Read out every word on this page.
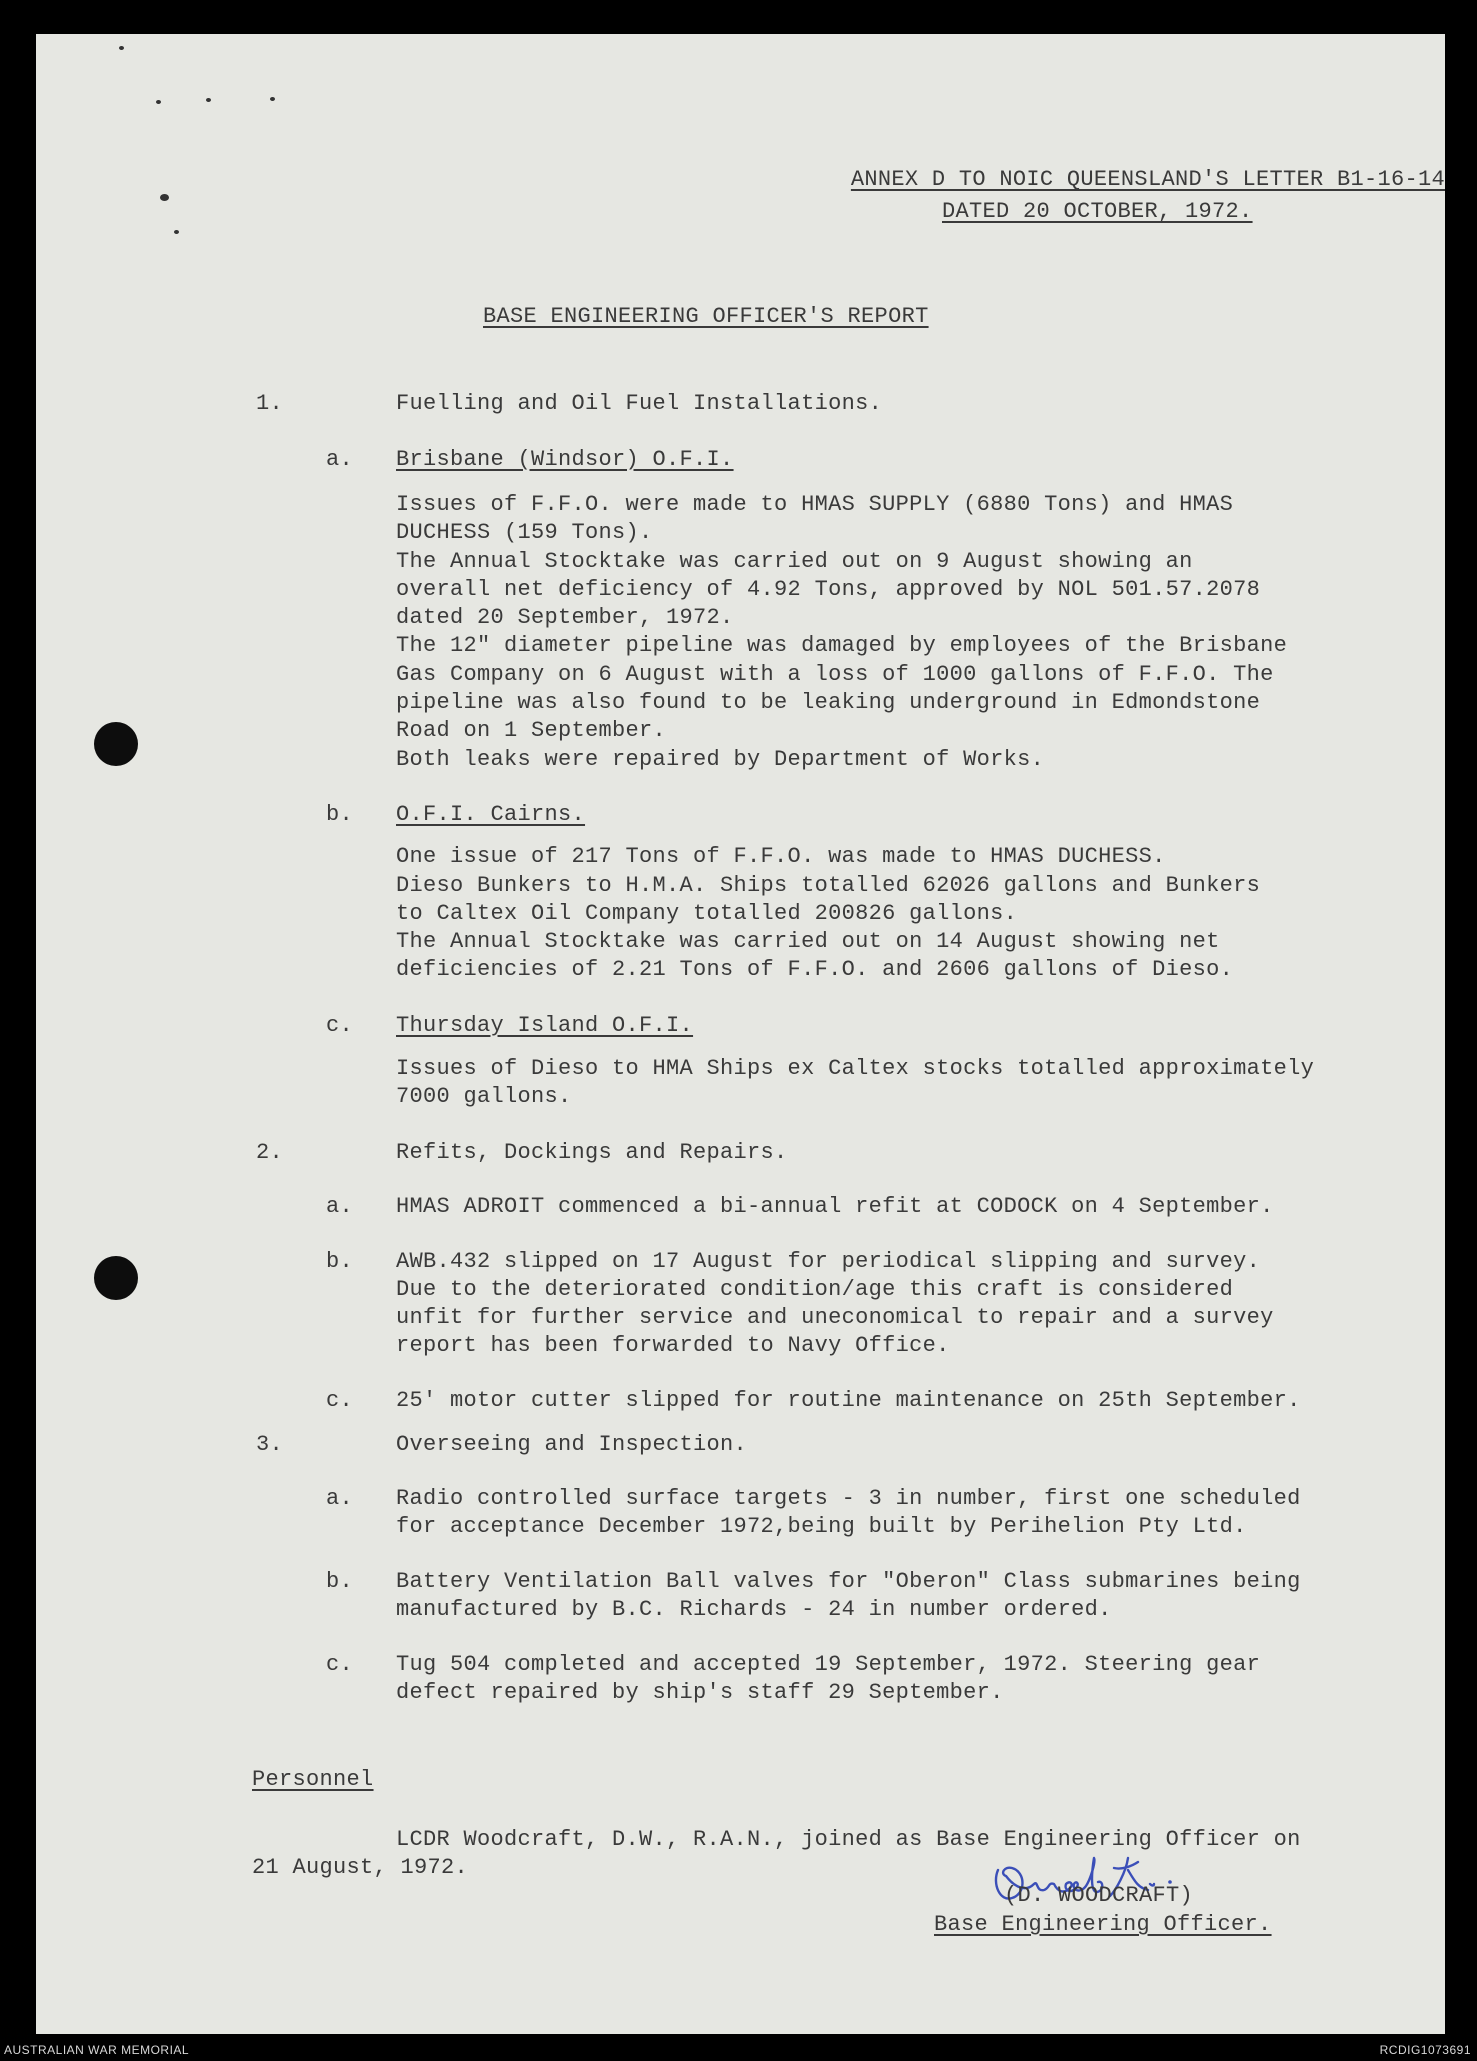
ANNEX D TO NOIC QUEENSLAND'S LETTER B1-16-14
DATED 20 OCTOBER, 1972.
BASE ENGINEERING OFFICER'S REPORT
1.	Fuelling and Oil Fuel Installations.
a. Brisbane (Windsor) O.F.I.
Issues of F.F.O. were made to HMAS SUPPLY (6880 Tons) and HMAS
DUCHESS (159 Tons).
The Annual Stocktake was carried out on 9 August showing an
overall net deficiency of 4.92 Tons, approved by NOL 501.57.2078
dated 20 September, 1972.
The 12" diameter pipeline was damaged by employees of the Brisbane
Gas Company on 6 August with a loss of 1000 gallons of F.F.O. The
pipeline was also found to be leaking underground in Edmondstone
Road on 1 September.
Both leaks were repaired by Department of Works.
b. O.F.I. Cairns.
One issue of 217 Tons of F.F.O. was made to HMAS DUCHESS.
Dieso Bunkers to H.M.A. Ships totalled 62026 gallons and Bunkers
to Caltex Oil Company totalled 200826 gallons.
The Annual Stocktake was carried out on 14 August showing net
deficiencies of 2.21 Tons of F.F.O. and 2606 gallons of Dieso.
c. Thursday Island O.F.I.
Issues of Dieso to HMA Ships ex Caltex stocks totalled approximately
7000 gallons.
2.	Refits, Dockings and Repairs.
a. HMAS ADROIT commenced a bi-annual refit at CODOCK on 4 September.
b. AWB.432 slipped on 17 August for periodical slipping and survey.
Due to the deteriorated condition/age this craft is considered
unfit for further service and uneconomical to repair and a survey
report has been forwarded to Navy Office.
c. 25' motor cutter slipped for routine maintenance on 25th September.
3.	Overseeing and Inspection.
a. Radio controlled surface targets - 3 in number, first one scheduled
for acceptance December 1972,being built by Perihelion Pty Ltd.
b. Battery Ventilation Ball valves for "Oberon" Class submarines being
manufactured by B.C. Richards - 24 in number ordered.
c. Tug 504 completed and accepted 19 September, 1972. Steering gear
defect repaired by ship's staff 29 September.
Personnel
LCDR Woodcraft, D.W., R.A.N., joined as Base Engineering Officer on
21 August, 1972.
(D. WOODCRAFT)
Base Engineering Officer.
AUSTRALIAN WAR MEMORIAL	RCDIG1073691
